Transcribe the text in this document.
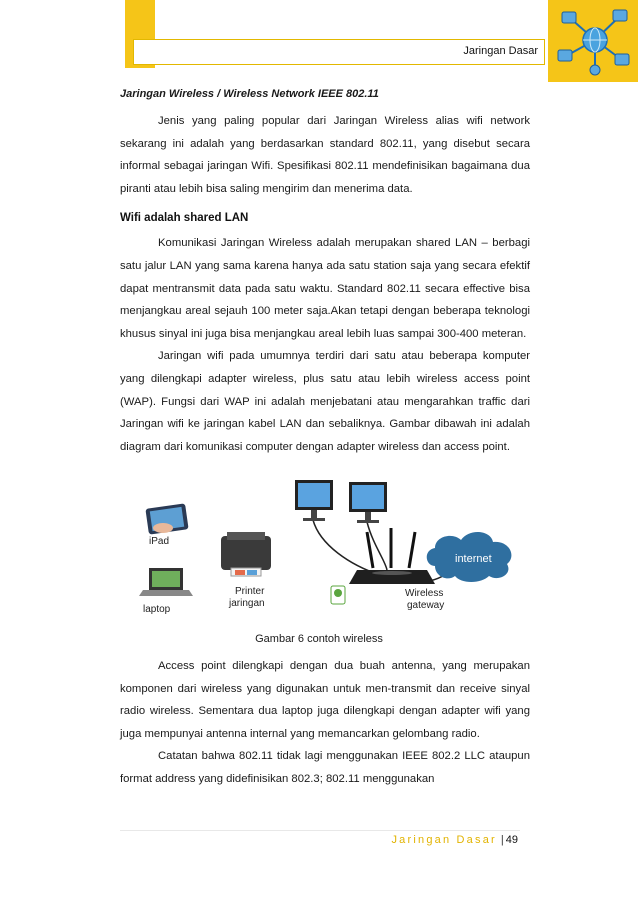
Jaringan Dasar

Jaringan Wireless / Wireless Network IEEE 802.11

Jenis yang paling popular dari Jaringan Wireless alias wifi network sekarang ini adalah yang berdasarkan standard 802.11, yang disebut secara informal sebagai jaringan Wifi. Spesifikasi 802.11 mendefinisikan bagaimana dua piranti atau lebih bisa saling mengirim dan menerima data.

Wifi adalah shared LAN

Komunikasi Jaringan Wireless adalah merupakan shared LAN – berbagi satu jalur LAN yang sama karena hanya ada satu station saja yang secara efektif dapat mentransmit data pada satu waktu. Standard 802.11 secara effective bisa menjangkau areal sejauh 100 meter saja.Akan tetapi dengan beberapa teknologi khusus sinyal ini juga bisa menjangkau areal lebih luas sampai 300-400 meteran.

Jaringan wifi pada umumnya terdiri dari satu atau beberapa komputer yang dilengkapi adapter wireless, plus satu atau lebih wireless access point (WAP). Fungsi dari WAP ini adalah menjebatani atau mengarahkan traffic dari Jaringan wifi ke jaringan kabel LAN dan sebaliknya. Gambar dibawah ini adalah diagram dari komunikasi computer dengan adapter wireless dan access point.

iPad
laptop
Printer
jaringan
Wireless
gateway
internet
Gambar 6 contoh wireless

Access point dilengkapi dengan dua buah antenna, yang merupakan komponen dari wireless yang digunakan untuk men-transmit dan receive sinyal radio wireless. Sementara dua laptop juga dilengkapi dengan adapter wifi yang juga mempunyai antenna internal yang memancarkan gelombang radio.

Catatan bahwa 802.11 tidak lagi menggunakan IEEE 802.2 LLC ataupun format address yang didefinisikan 802.3; 802.11 menggunakan

Jaringan Dasar | 49
